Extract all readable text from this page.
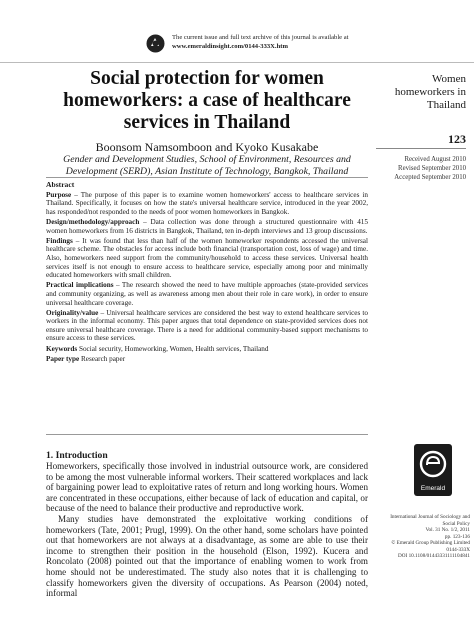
The current issue and full text archive of this journal is available at
www.emeraldinsight.com/0144-333X.htm
Social protection for women homeworkers: a case of healthcare services in Thailand
Boonsom Namsomboon and Kyoko Kusakabe
Gender and Development Studies, School of Environment, Resources and Development (SERD), Asian Institute of Technology, Bangkok, Thailand
Women homeworkers in Thailand
123
Received August 2010
Revised September 2010
Accepted September 2010
Abstract

Purpose – The purpose of this paper is to examine women homeworkers' access to healthcare services in Thailand. Specifically, it focuses on how the state's universal healthcare service, introduced in the year 2002, has responded/not responded to the needs of poor women homeworkers in Bangkok.

Design/methodology/approach – Data collection was done through a structured questionnaire with 415 women homeworkers from 16 districts in Bangkok, Thailand, ten in-depth interviews and 13 group discussions.

Findings – It was found that less than half of the women homeworker respondents accessed the universal healthcare scheme. The obstacles for access include both financial (transportation cost, loss of wage) and time. Also, homeworkers need support from the community/household to access these services. Universal health services itself is not enough to ensure access to healthcare service, especially among poor and minimally educated homeworkers with small children.

Practical implications – The research showed the need to have multiple approaches (state-provided services and community organizing, as well as awareness among men about their role in care work), in order to ensure universal healthcare coverage.

Originality/value – Universal healthcare services are considered the best way to extend healthcare services to workers in the informal economy. This paper argues that total dependence on state-provided services does not ensure universal healthcare coverage. There is a need for additional community-based support mechanisms to ensure access to these services.

Keywords Social security, Homeworking, Women, Health services, Thailand

Paper type Research paper

1. Introduction

Homeworkers, specifically those involved in industrial outsource work, are considered to be among the most vulnerable informal workers. Their scattered workplaces and lack of bargaining power lead to exploitative rates of return and long working hours. Women are concentrated in these occupations, either because of lack of education and capital, or because of the need to balance their productive and reproductive work.

Many studies have demonstrated the exploitative working conditions of homeworkers (Tate, 2001; Prugl, 1999). On the other hand, some scholars have pointed out that homeworkers are not always at a disadvantage, as some are able to use their income to strengthen their position in the household (Elson, 1992). Kucera and Roncolato (2008) pointed out that the importance of enabling women to work from home should not be underestimated. The study also notes that it is challenging to classify homeworkers given the diversity of occupations. As Pearson (2004) noted, informal

Emerald
International Journal of Sociology and
Social Policy
Vol. 31 No. 1/2, 2011
pp. 123-136
© Emerald Group Publishing Limited
0144-333X
DOI 10.1108/01443331111104841
